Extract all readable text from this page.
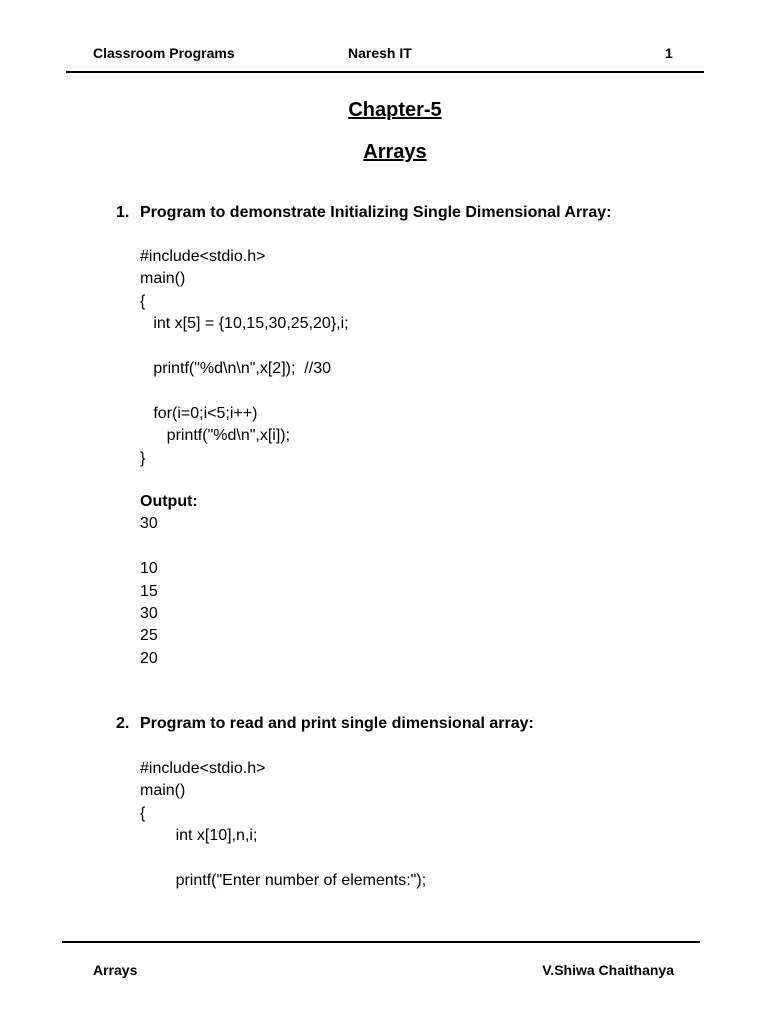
Classroom Programs	Naresh IT	1
Chapter-5
Arrays
1. Program to demonstrate Initializing Single Dimensional Array:
#include<stdio.h>
main()
{
int x[5] = {10,15,30,25,20},i;
printf("%d\n\n",x[2]);  //30
for(i=0;i<5;i++)
printf("%d\n",x[i]);
}
Output:
30
10
15
30
25
20
2. Program to read and print single dimensional array:
#include<stdio.h>
main()
{
int x[10],n,i;
printf("Enter number of elements:");
Arrays	V.Shiwa Chaithanya
